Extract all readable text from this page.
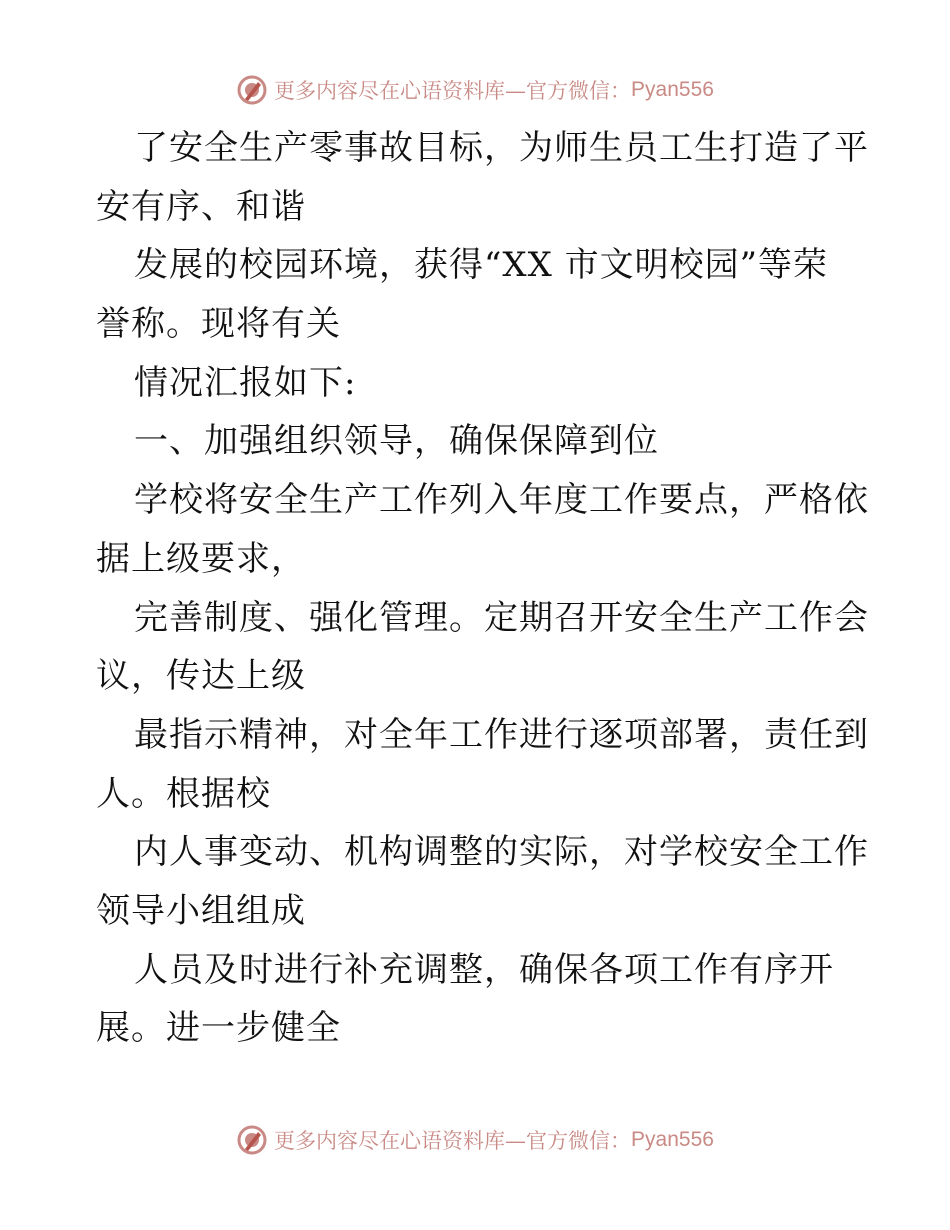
更多内容尽在心语资料库—官方微信： Pyan556
了安全生产零事故目标，为师生员工生打造了平
安有序、和谐
发展的校园环境，获得“XX 市文明校园”等荣
誉称。现将有关
情况汇报如下:
一、加强组织领导，确保保障到位
学校将安全生产工作列入年度工作要点，严格依
据上级要求，
完善制度、强化管理。定期召开安全生产工作会
议，传达上级
最指示精神，对全年工作进行逐项部署，责任到
人。根据校
内人事变动、机构调整的实际，对学校安全工作
领导小组组成
人员及时进行补充调整，确保各项工作有序开
展。进一步健全
更多内容尽在心语资料库—官方微信： Pyan556
